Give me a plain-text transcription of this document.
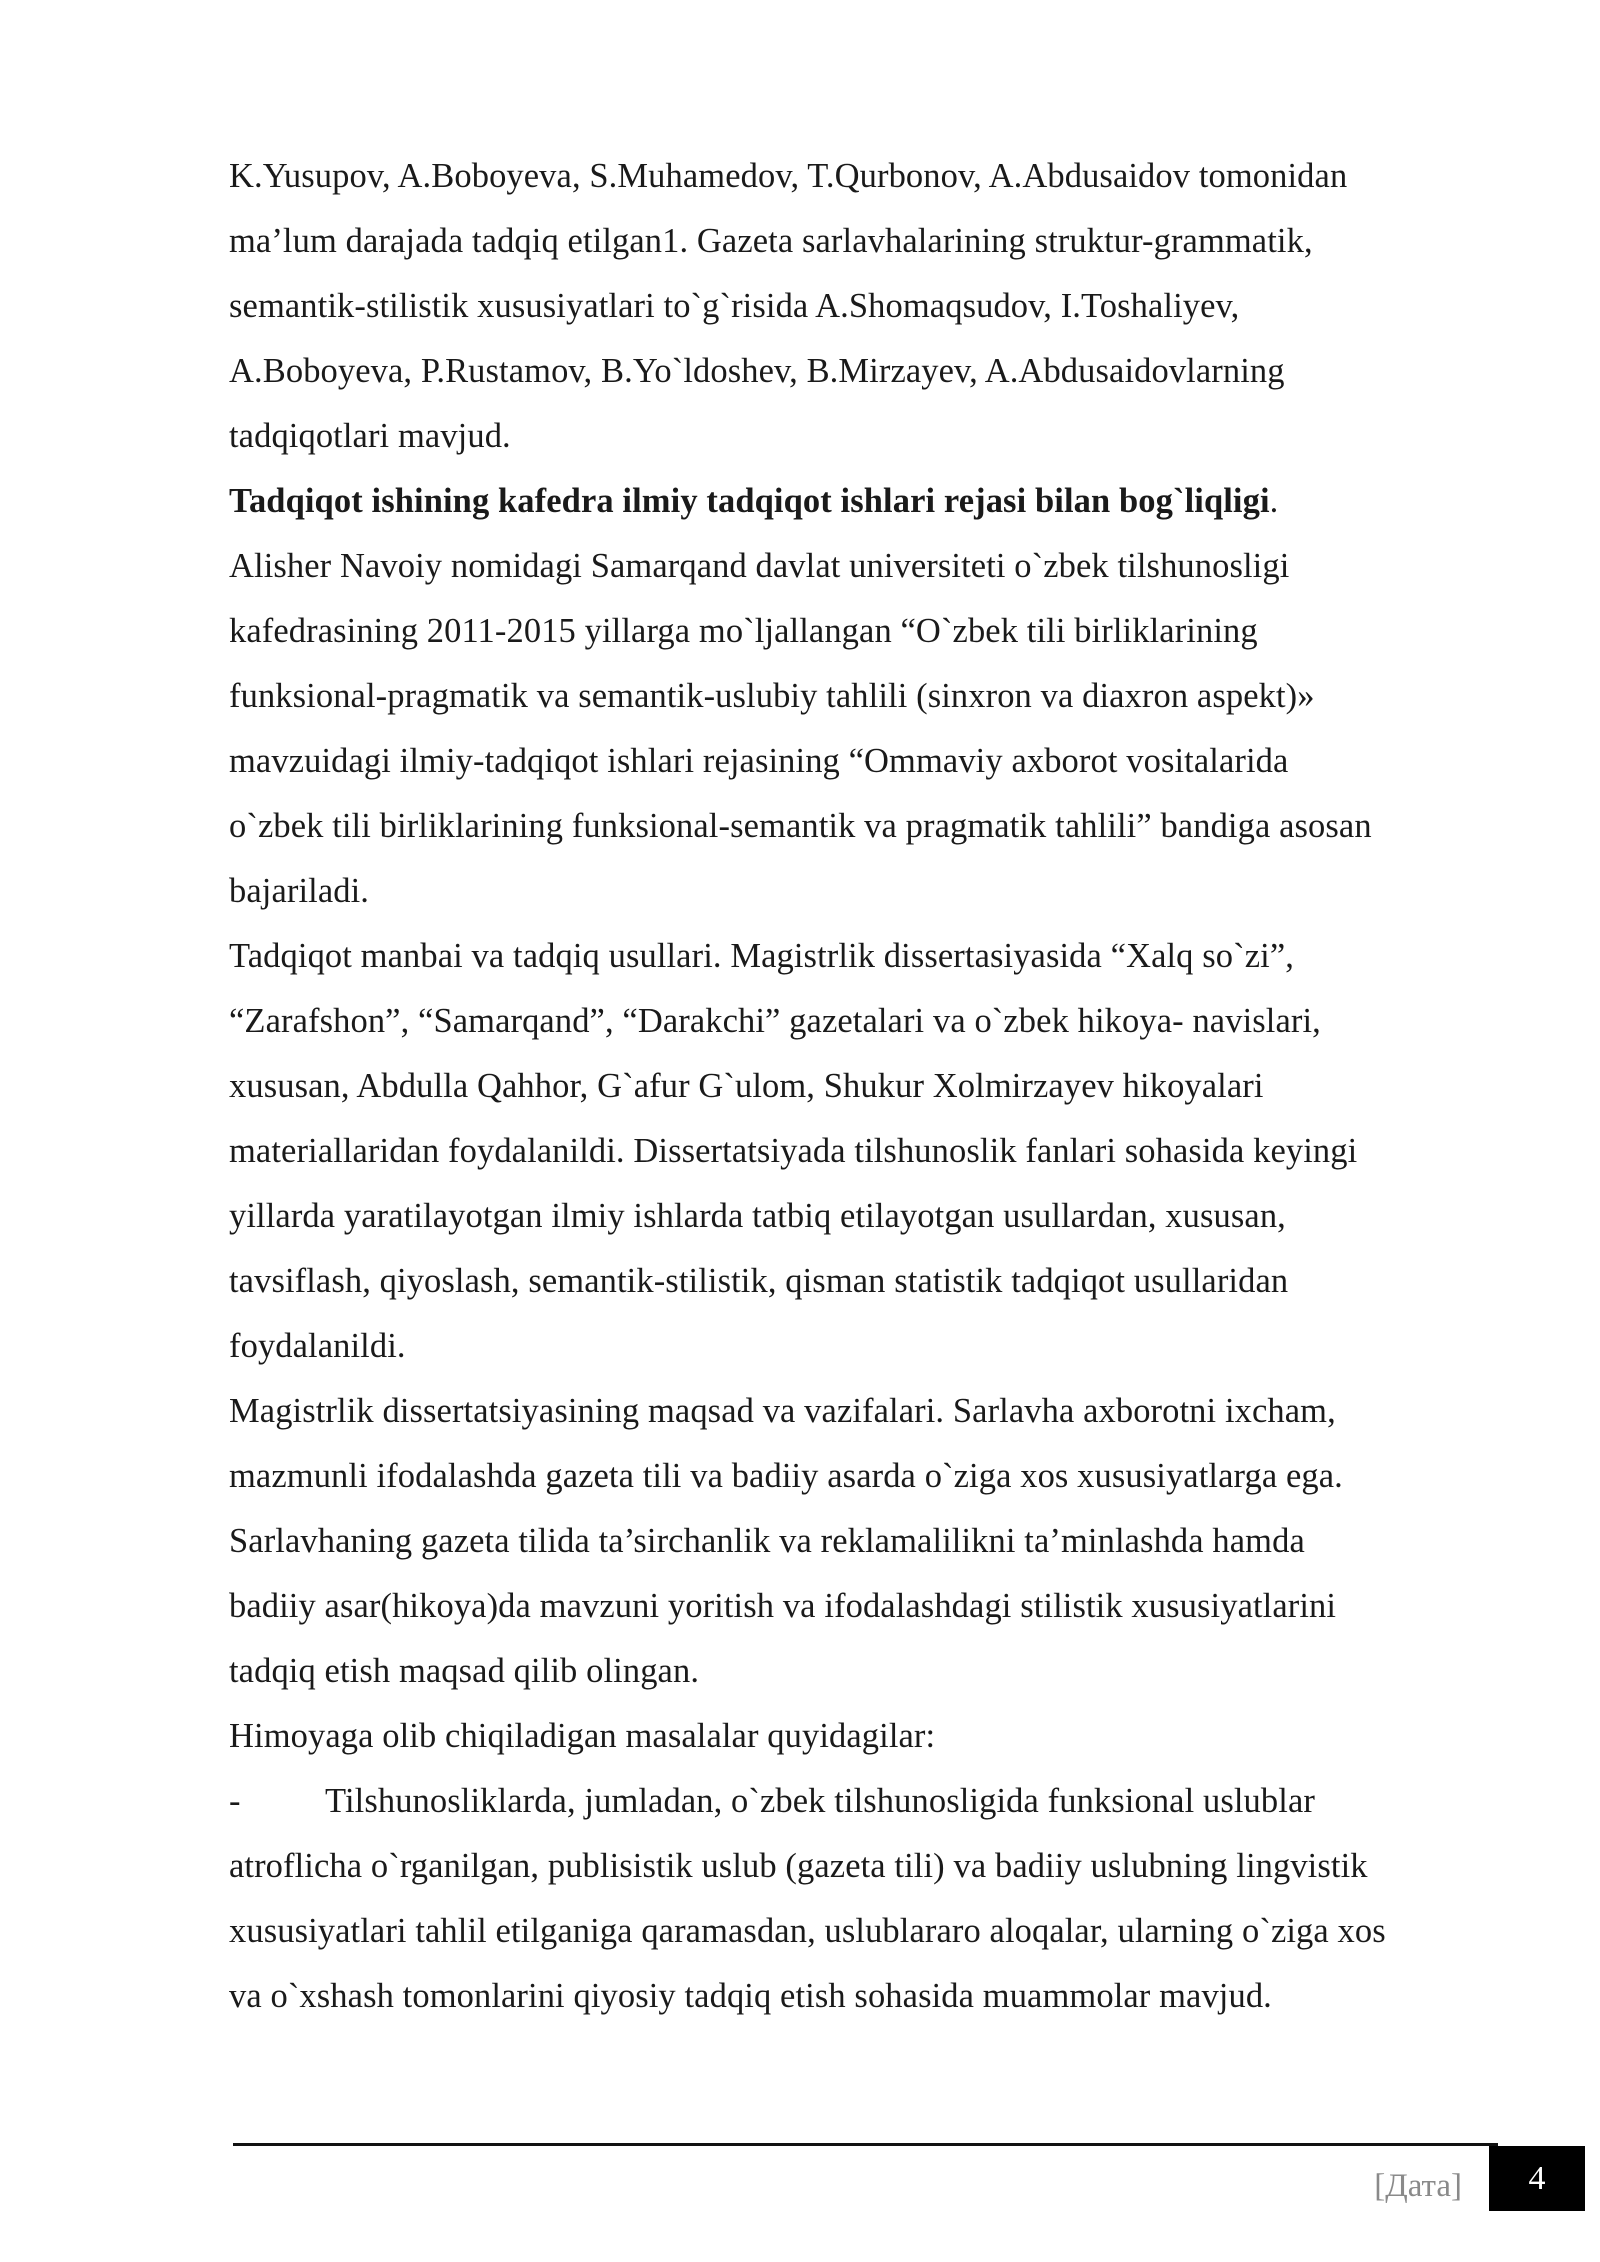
K.Yusupov, A.Boboyeva, S.Muhamedov, T.Qurbonov, A.Abdusaidov tomonidan
ma’lum darajada tadqiq etilgan1. Gazeta sarlavhalarining struktur-grammatik,
semantik-stilistik xususiyatlari to`g`risida A.Shomaqsudov, I.Toshaliyev,
A.Boboyeva, P.Rustamov, B.Yo`ldoshev, B.Mirzayev, A.Abdusaidovlarning
tadqiqotlari mavjud.
Tadqiqot ishining kafedra ilmiy tadqiqot ishlari rejasi bilan bog`liqligi.
Alisher Navoiy nomidagi Samarqand davlat universiteti o`zbek tilshunosligi
kafedrasining 2011-2015 yillarga mo`ljallangan “O`zbek tili birliklarining
funksional-pragmatik va semantik-uslubiy tahlili (sinxron va diaxron aspekt)»
mavzuidagi ilmiy-tadqiqot ishlari rejasining “Ommaviy axborot vositalarida
o`zbek tili birliklarining funksional-semantik va pragmatik tahlili” bandiga asosan
bajariladi.
Tadqiqot manbai va tadqiq usullari. Magistrlik dissertasiyasida “Xalq so`zi”,
“Zarafshon”, “Samarqand”, “Darakchi” gazetalari va o`zbek hikoya- navislari,
xususan, Abdulla Qahhor, G`afur G`ulom, Shukur Xolmirzayev hikoyalari
materiallaridan foydalanildi. Dissertatsiyada tilshunoslik fanlari sohasida keyingi
yillarda yaratilayotgan ilmiy ishlarda tatbiq etilayotgan usullardan, xususan,
tavsiflash, qiyoslash, semantik-stilistik, qisman statistik tadqiqot usullaridan
foydalanildi.
Magistrlik dissertatsiyasining maqsad va vazifalari. Sarlavha axborotni ixcham,
mazmunli ifodalashda gazeta tili va badiiy asarda o`ziga xos xususiyatlarga ega.
Sarlavhaning gazeta tilida ta’sirchanlik va reklamalilikni ta’minlashda hamda
badiiy asar(hikoya)da mavzuni yoritish va ifodalashdagi stilistik xususiyatlarini
tadqiq etish maqsad qilib olingan.
Himoyaga olib chiqiladigan masalalar quyidagilar:
- Tilshunosliklarda, jumladan, o`zbek tilshunosligida funksional uslublar
atroflicha o`rganilgan, publisistik uslub (gazeta tili) va badiiy uslubning lingvistik
xususiyatlari tahlil etilganiga qaramasdan, uslublararo aloqalar, ularning o`ziga xos
va o`xshash tomonlarini qiyosiy tadqiq etish sohasida muammolar mavjud.
[Дата] 4
